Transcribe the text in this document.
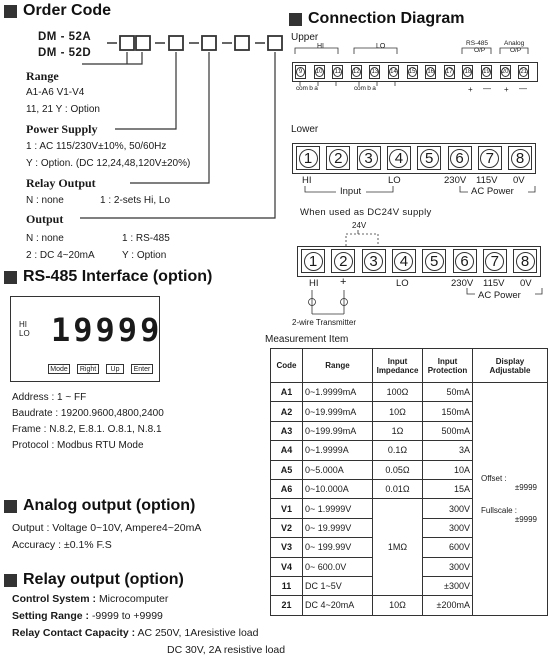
Order Code
DM - 52A
DM - 52D
Range
A1-A6 V1-V4
11, 21 Y : Option
Power Supply
1 : AC 115/230V±10%, 50/60Hz
Y : Option. (DC 12,24,48,120V±20%)
Relay Output
N : none	1 : 2-sets Hi, Lo
Output
N : none	1 : RS-485
2 : DC 4~20mA	Y : Option
RS-485 Interface (option)
HI
LO 19999
Mode	Right	Up	Enter
Address : 1 ~ FF
Baudrate : 19200.9600,4800,2400
Frame : N.8.2, E.8.1. O.8.1, N.8.1
Protocol : Modbus RTU Mode
Analog output (option)
Output : Voltage 0~10V, Ampere4~20mA
Accuracy : ±0.1% F.S
Relay output (option)
Control System : Microcomputer
Setting Range : -9999 to +9999
Relay Contact Capacity : AC 250V, 1Aresistive load
DC 30V, 2A resistive load
Connection Diagram
Upper
HI	LO	RS-485
O/P
Analog
O/P
9	10 11 12 13 14 15 16 17 18 19 20 21
com b a	com b a	+ — + —
Lower
1	2	3	4	5	6	7	8
HI	LO
Input
230V 115V 0V
AC Power
When used as DC24V supply
24V
1	2	3	4	5	6	7	8
HI +	LO	230V 115V 0V
AC Power
2-wire Transmitter
Measurement Item
Code	Range	Input Impedance	Input Protection	Display Adjustable
A1	0~1.9999mA	100Ω	50mA	Offset :
±9999
Fullscale :
±9999

A2	0~19.999mA	10Ω	150mA	
A3	0~199.99mA	1Ω	500mA	
A4	0~1.9999A	0.1Ω	3A	
A5	0~5.000A	0.05Ω	10A	
A6	0~10.000A	0.01Ω	15A	
V1	0~ 1.9999V	1MΩ	300V	
V2	0~ 19.999V		300V	
V3	0~ 199.99V		600V	
V4	0~ 600.0V		300V	
11	DC 1~5V		±300V	
21	DC 4~20mA	10Ω	±200mA	
